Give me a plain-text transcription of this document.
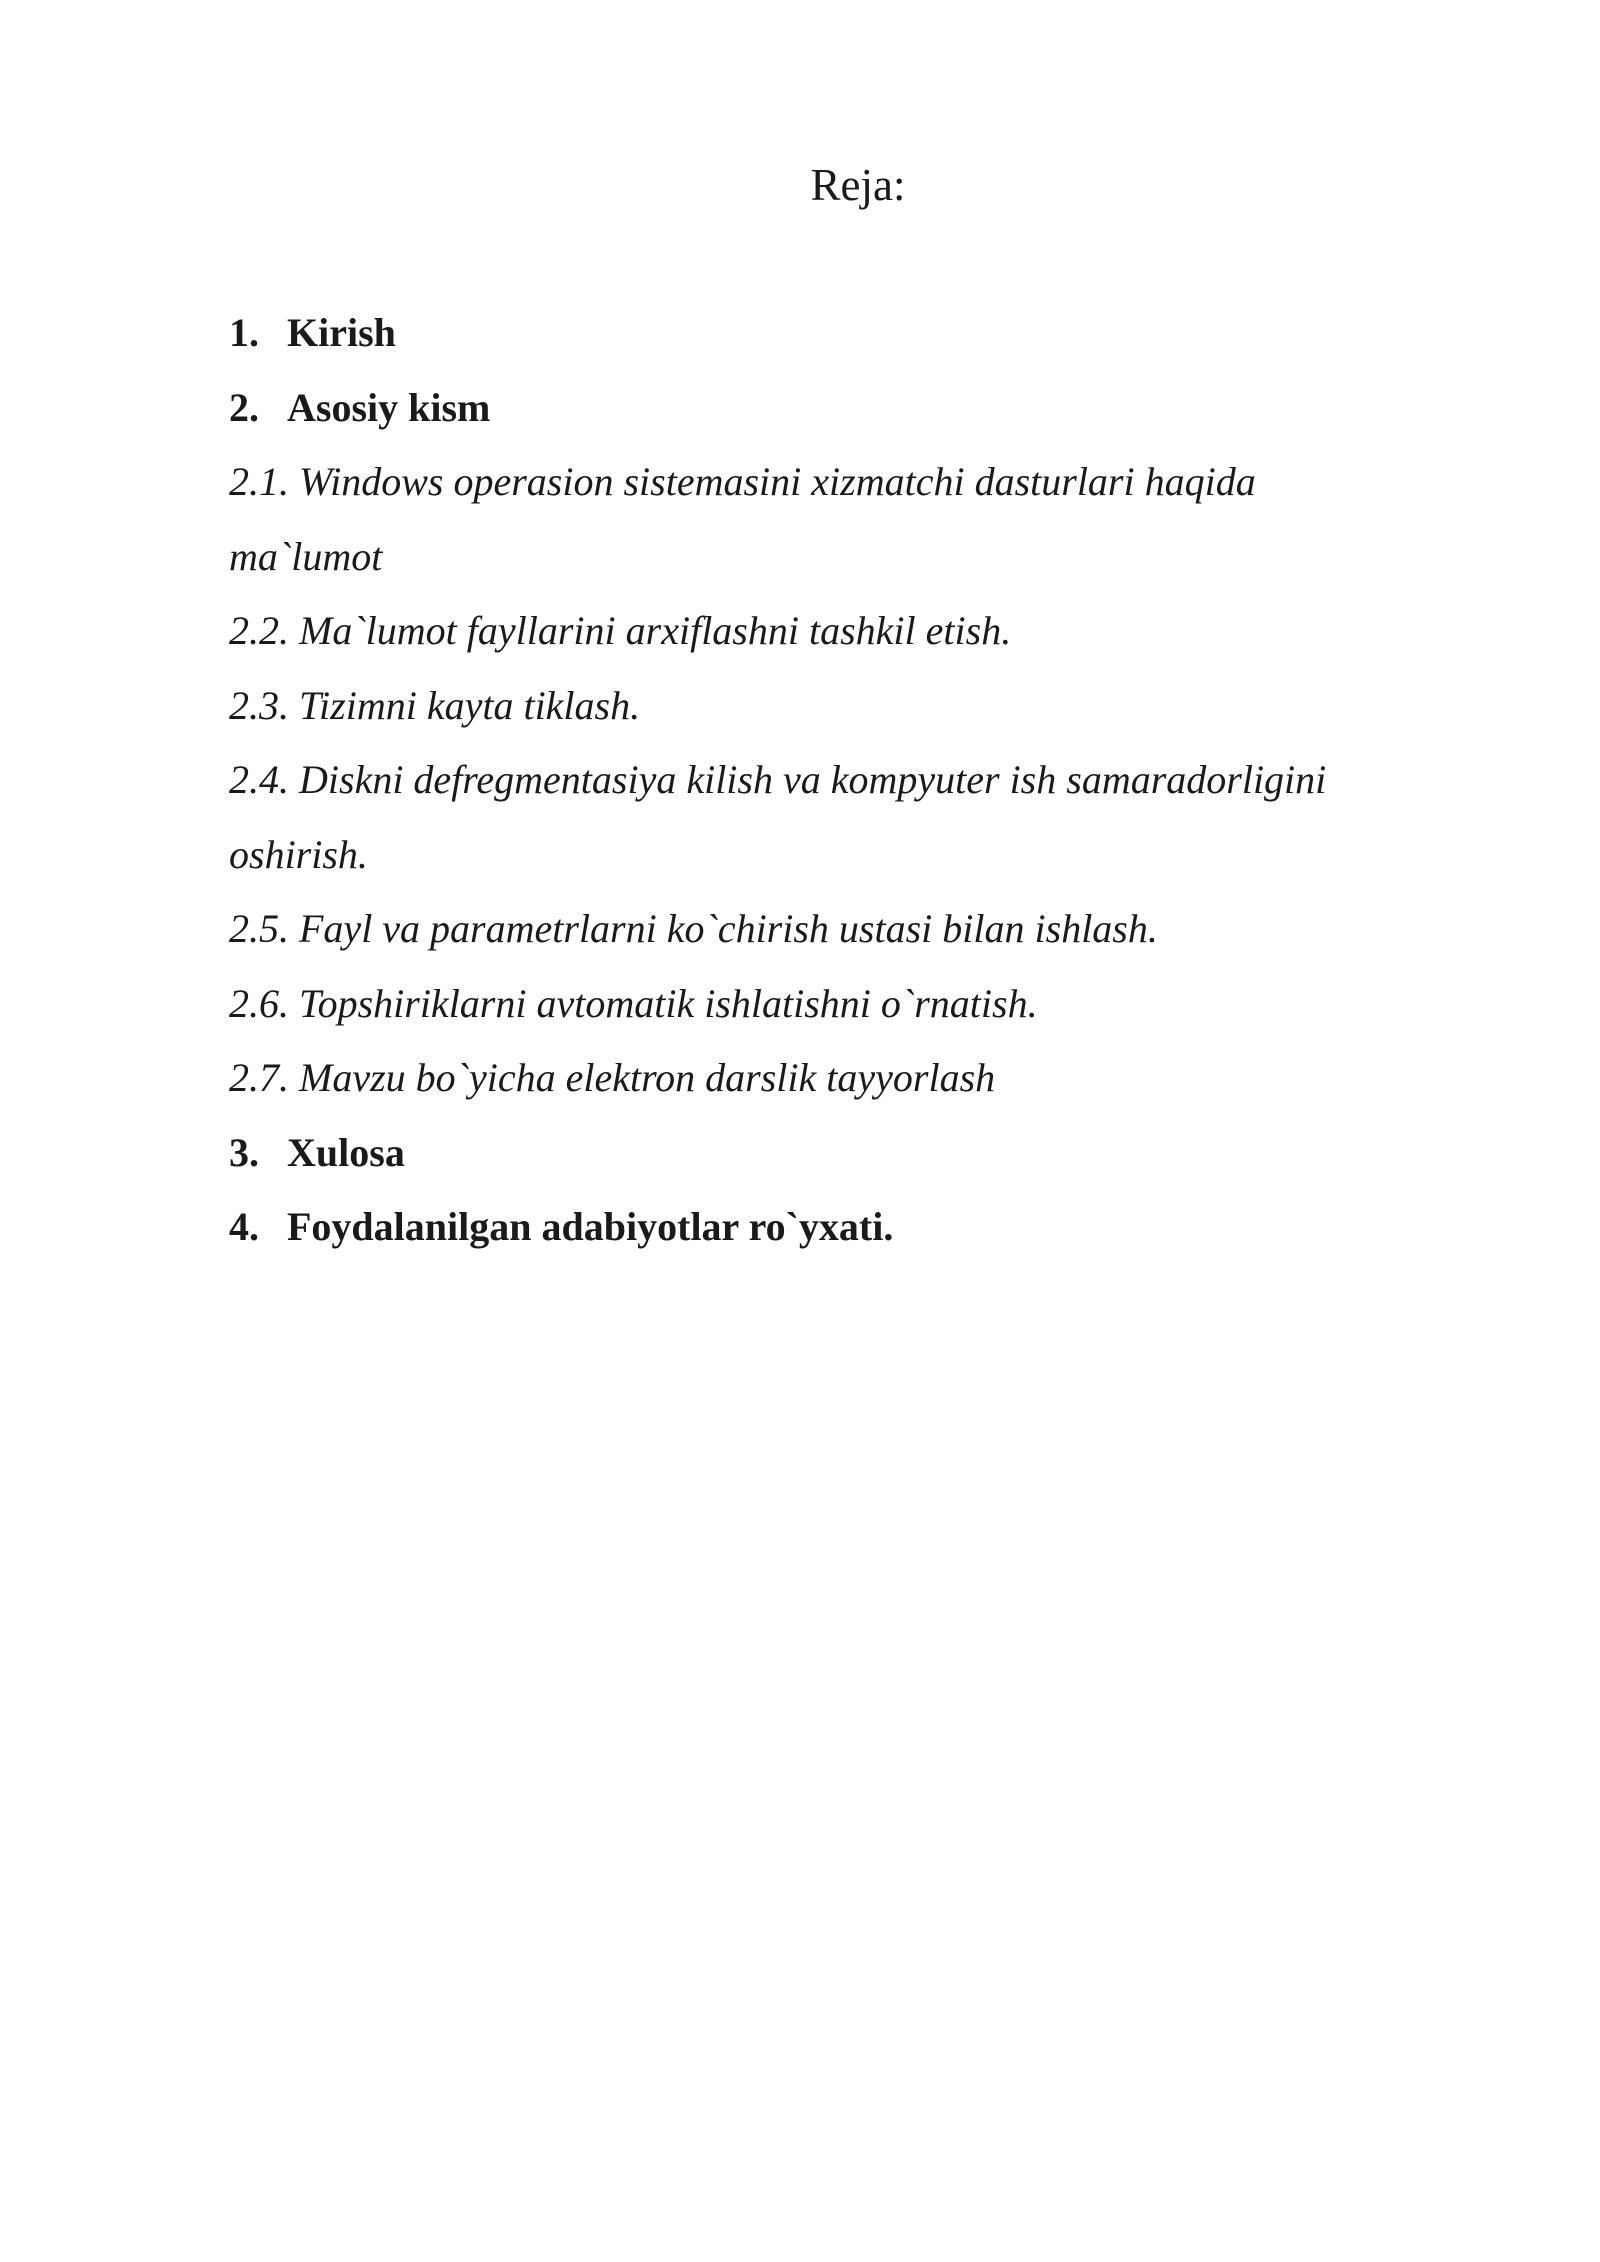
Reja:
1. Kirish
2. Asosiy kism
2.1. Windows operasion sistemasini xizmatchi dasturlari haqida
ma`lumot
2.2. Ma`lumot fayllarini arxiflashni tashkil etish.
2.3. Tizimni kayta tiklash.
2.4. Diskni defregmentasiya kilish va kompyuter ish samaradorligini
oshirish.
2.5. Fayl va parametrlarni ko`chirish ustasi bilan ishlash.
2.6. Topshiriklarni avtomatik ishlatishni o`rnatish.
2.7. Mavzu bo`yicha elektron darslik tayyorlash
3. Xulosa
4. Foydalanilgan adabiyotlar ro`yxati.
